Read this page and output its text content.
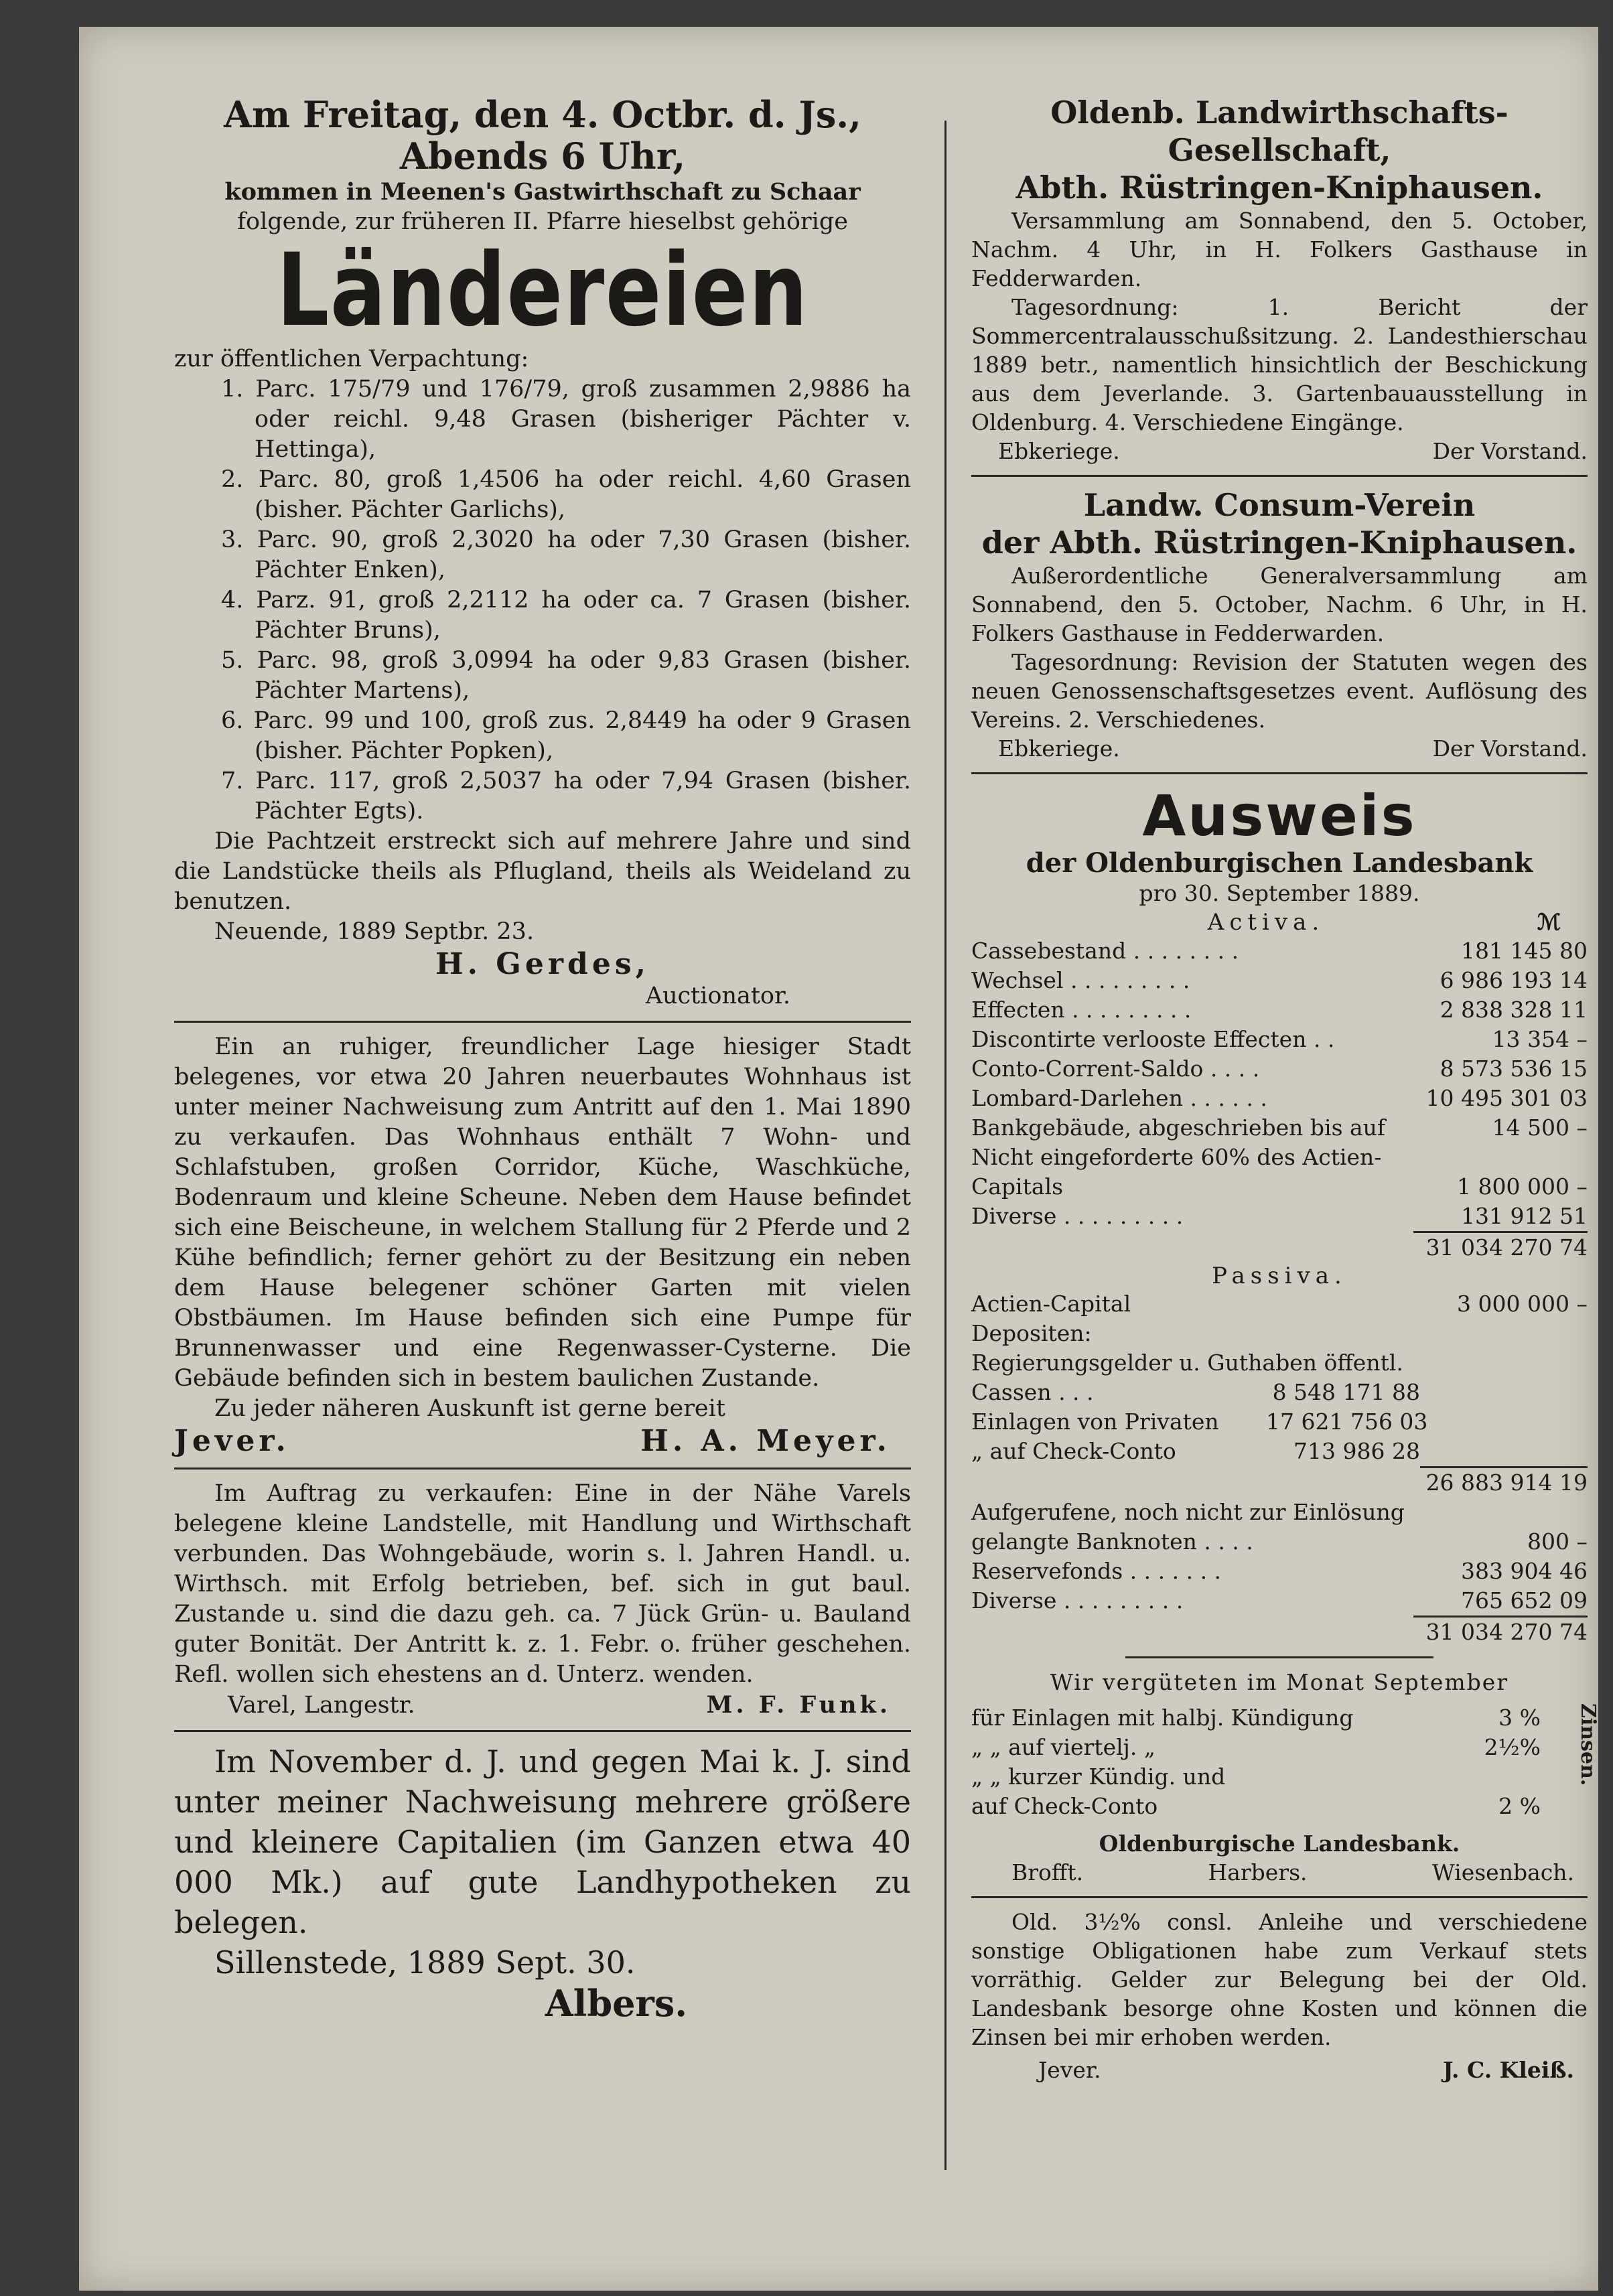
Am Freitag, den 4. Octbr. d. Js.,
Abends 6 Uhr,
kommen in Meenen's Gastwirthschaft zu Schaar
folgende, zur früheren II. Pfarre hieselbst gehörige
Ländereien
zur öffentlichen Verpachtung:
1. Parc. 175/79 und 176/79, groß zusammen 2,9886 ha oder reichl. 9,48 Grasen (bisheriger Pächter v. Hettinga),
2. Parc. 80, groß 1,4506 ha oder reichl. 4,60 Grasen (bisher. Pächter Garlichs),
3. Parc. 90, groß 2,3020 ha oder 7,30 Grasen (bisher. Pächter Enken),
4. Parz. 91, groß 2,2112 ha oder ca. 7 Grasen (bisher. Pächter Bruns),
5. Parc. 98, groß 3,0994 ha oder 9,83 Grasen (bisher. Pächter Martens),
6. Parc. 99 und 100, groß zus. 2,8449 ha oder 9 Grasen (bisher. Pächter Popken),
7. Parc. 117, groß 2,5037 ha oder 7,94 Grasen (bisher. Pächter Egts).
Die Pachtzeit erstreckt sich auf mehrere Jahre und sind die Landstücke theils als Pflugland, theils als Weideland zu benutzen.
Neuende, 1889 Septbr. 23.
H. Gerdes,
Auctionator.
Ein an ruhiger, freundlicher Lage hiesiger Stadt belegenes, vor etwa 20 Jahren neuerbautes Wohnhaus ist unter meiner Nachweisung zum Antritt auf den 1. Mai 1890 zu verkaufen. Das Wohnhaus enthält 7 Wohn- und Schlafstuben, großen Corridor, Küche, Waschküche, Bodenraum und kleine Scheune. Neben dem Hause befindet sich eine Beischeune, in welchem Stallung für 2 Pferde und 2 Kühe befindlich; ferner gehört zu der Besitzung ein neben dem Hause belegener schöner Garten mit vielen Obstbäumen. Im Hause befinden sich eine Pumpe für Brunnenwasser und eine Regenwasser-Cysterne. Die Gebäude befinden sich in bestem baulichen Zustande.
Zu jeder näheren Auskunft ist gerne bereit
Jever.	H. A. Meyer.
Im Auftrag zu verkaufen: Eine in der Nähe Varels belegene kleine Landstelle, mit Handlung und Wirthschaft verbunden. Das Wohngebäude, worin s. l. Jahren Handl. u. Wirthsch. mit Erfolg betrieben, bef. sich in gut baul. Zustande u. sind die dazu geh. ca. 7 Jück Grün- u. Bauland guter Bonität. Der Antritt k. z. 1. Febr. o. früher geschehen. Refl. wollen sich ehestens an d. Unterz. wenden.
Varel, Langestr.	M. F. Funk.
Im November d. J. und gegen Mai k. J. sind unter meiner Nachweisung mehrere größere und kleinere Capitalien (im Ganzen etwa 40 000 Mk.) auf gute Landhypotheken zu belegen.
Sillenstede, 1889 Sept. 30.
Albers.
Oldenb. Landwirthschafts-Gesellschaft,
Abth. Rüstringen-Kniphausen.
Versammlung am Sonnabend, den 5. October, Nachm. 4 Uhr, in H. Folkers Gasthause in Fedderwarden.
Tagesordnung: 1. Bericht der Sommercentralausschußsitzung. 2. Landesthierschau 1889 betr., namentlich hinsichtlich der Beschickung aus dem Jeverlande. 3. Gartenbauausstellung in Oldenburg. 4. Verschiedene Eingänge.
Ebkeriege.	Der Vorstand.
Landw. Consum-Verein
der Abth. Rüstringen-Kniphausen.
Außerordentliche Generalversammlung am Sonnabend, den 5. October, Nachm. 6 Uhr, in H. Folkers Gasthause in Fedderwarden.
Tagesordnung: Revision der Statuten wegen des neuen Genossenschaftsgesetzes event. Auflösung des Vereins. 2. Verschiedenes.
Ebkeriege.	Der Vorstand.
Ausweis
der Oldenburgischen Landesbank
pro 30. September 1889.
Activa.	ℳ
Cassebestand . . . . . . . .	181 145 80
Wechsel . . . . . . . . .	6 986 193 14
Effecten . . . . . . . . .	2 838 328 11
Discontirte verlooste Effecten . .	13 354 –
Conto-Corrent-Saldo . . . .	8 573 536 15
Lombard-Darlehen . . . . . .	10 495 301 03
Bankgebäude, abgeschrieben bis auf	14 500 –
Nicht eingeforderte 60% des Actien-
Capitals	1 800 000 –
Diverse . . . . . . . . .	131 912 51
31 034 270 74
Passiva.
Actien-Capital	3 000 000 –
Depositen:
Regierungsgelder u. Guthaben öffentl.
Cassen . . .	8 548 171 88
Einlagen von Privaten	17 621 756 03
„ auf Check-Conto	713 986 28
26 883 914 19
Aufgerufene, noch nicht zur Einlösung
gelangte Banknoten . . . .	800 –
Reservefonds . . . . . . .	383 904 46
Diverse . . . . . . . . .	765 652 09
31 034 270 74
Wir vergüteten im Monat September
für Einlagen mit halbj. Kündigung	3 %
„ „ auf viertelj. „	2½%
„ „ kurzer Kündig. und
auf Check-Conto	2 %
Zinsen.
Oldenburgische Landesbank.
Brofft.	Harbers.	Wiesenbach.
Old. 3½% consl. Anleihe und verschiedene sonstige Obligationen habe zum Verkauf stets vorräthig. Gelder zur Belegung bei der Old. Landesbank besorge ohne Kosten und können die Zinsen bei mir erhoben werden.
Jever.	J. C. Kleiß.
